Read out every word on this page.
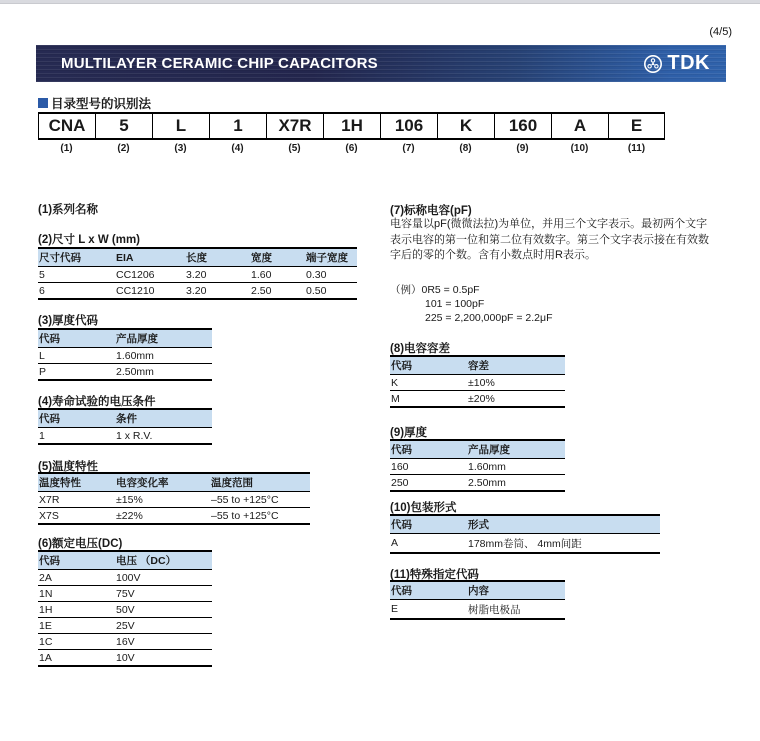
(4/5)
MULTILAYER CERAMIC CHIP CAPACITORS	TDK
目录型号的识别法
CNA	5	L	1	X7R	1H	106	K	160	A	E
(1)	(2)	(3)	(4)	(5)	(6)	(7)	(8)	(9)	(10)	(11)
(1)系列名称
(2)尺寸 L x W (mm)
尺寸代码	EIA	长度	宽度	端子宽度
5	CC1206	3.20	1.60	0.30
6	CC1210	3.20	2.50	0.50
(3)厚度代码
代码	产品厚度
L	1.60mm
P	2.50mm
(4)寿命试验的电压条件
代码	条件
1	1 x R.V.
(5)温度特性
温度特性	电容变化率	温度范围
X7R	±15%	–55 to +125°C
X7S	±22%	–55 to +125°C
(6)额定电压(DC)
代码	电压 （DC）
2A	100V
1N	75V
1H	50V
1E	25V
1C	16V
1A	10V
(7)标称电容(pF)
电容量以pF(微微法拉)为单位，并用三个文字表示。最初两个文字
表示电容的第一位和第二位有效数字。第三个文字表示接在有效数
字后的零的个数。含有小数点时用R表示。
（例）0R5 = 0.5pF
101 = 100pF
225 = 2,200,000pF = 2.2μF
(8)电容容差
代码	容差
K	±10%
M	±20%
(9)厚度
代码	产品厚度
160	1.60mm
250	2.50mm
(10)包装形式
代码	形式
A	178mm卷筒、 4mm间距
(11)特殊指定代码
代码	内容
E	树脂电极品
